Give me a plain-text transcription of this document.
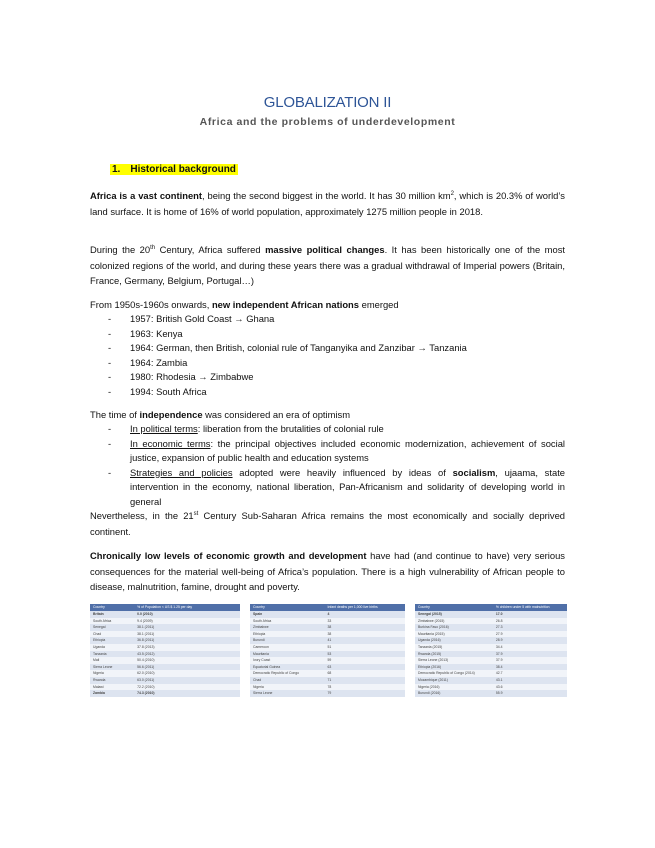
GLOBALIZATION II
Africa and the problems of underdevelopment
1. Historical background
Africa is a vast continent, being the second biggest in the world. It has 30 million $km^2$, which is 20.3% of world’s land surface. It is home of 16% of world population, approximately 1275 million people in 2018.
During the 20th Century, Africa suffered massive political changes. It has been historically one of the most colonized regions of the world, and during these years there was a gradual withdrawal of Imperial powers (Britain, France, Germany, Belgium, Portugal…)
From 1950s-1960s onwards, new independent African nations emerged
- 1957: British Gold Coast → Ghana
- 1963: Kenya
- 1964: German, then British, colonial rule of Tanganyika and Zanzibar → Tanzania
- 1964: Zambia
- 1980: Rhodesia → Zimbabwe
- 1994: South Africa
The time of independence was considered an era of optimism
- In political terms: liberation from the brutalities of colonial rule
- In economic terms: the principal objectives included economic modernization, achievement of social justice, expansion of public health and education systems
- Strategies and policies adopted were heavily influenced by ideas of socialism, ujaama, state intervention in the economy, national liberation, Pan-Africanism and solidarity of developing world in general
Nevertheless, in the 21st Century Sub-Saharan Africa remains the most economically and socially deprived continent.
Chronically low levels of economic growth and development have had (and continue to have) very serious consequences for the material well-being of Africa’s population. There is a high vulnerability of African people to disease, malnutrition, famine, drought and poverty.
Country	% of Population < US $ 1.25 per day
Britain	0.0 (2010)
South Africa	9.4 (2009)
Senegal	38.1 (2011)
Chad	38.1 (2011)
Ethiopia	36.8 (2011)
Uganda	37.8 (2013)
Tanzania	43.5 (2012)
Mali	50.4 (2010)
Sierra Leone	56.6 (2011)
Nigeria	62.0 (2010)
Rwanda	63.0 (2011)
Malawi	72.2 (2010)
Zambia	74.3 (2010)
Country	Infant deaths per 1,000 live births
Spain	4
South Africa	33
Zimbabwe	38
Ethiopia	38
Burundi	41
Cameroon	51
Mauritania	53
Ivory Coast	59
Equatorial Guinea	63
Democratic Republic of Congo	68
Chad	71
Nigeria	78
Sierra Leone	79
Country	% children under 5 with malnutrition
Senegal (2015)	17.0
Zimbabwe (2015)	26.8
Burkina Faso (2016)	27.3
Mauritania (2015)	27.9
Uganda (2016)	28.9
Tanzania (2015)	34.4
Rwanda (2015)	37.9
Sierra Leone (2013)	37.9
Ethiopia (2016)	38.4
Democratic Republic of Congo (2014)	42.7
Mozambique (2011)	43.1
Nigeria (2016)	43.6
Burundi (2016)	55.9
